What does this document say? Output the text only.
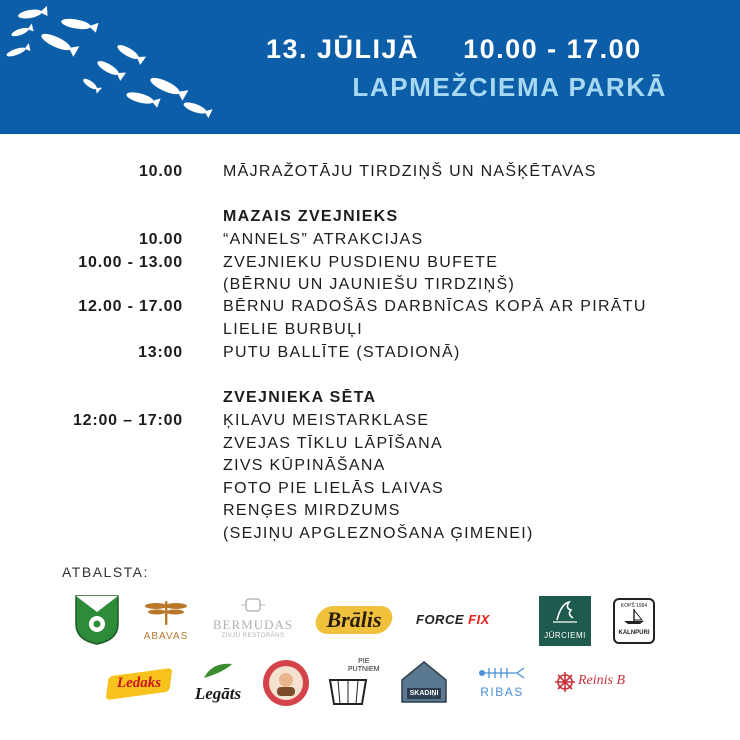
13. JŪLIJĀ 10.00 - 17.00
LAPMEŽCIEMA PARKĀ
10.00	MĀJRAŽOTĀJU TIRDZIŅŠ UN NAŠĶĒTAVAS
MAZAIS ZVEJNIEKS
10.00	“ANNELS” ATRAKCIJAS
10.00 - 13.00	ZVEJNIEKU PUSDIENU BUFETE
(BĒRNU UN JAUNIEŠU TIRDZIŅŠ)
12.00 - 17.00	BĒRNU RADOŠĀS DARBNĪCAS KOPĀ AR PIRĀTU
LIELIE BURBUĻI
13:00	PUTU BALLĪTE (STADIONĀ)
ZVEJNIEKA SĒTA
12:00 – 17:00	ĶILAVU MEISTARKLASE
ZVEJAS TĪKLU LĀPĪŠANA
ZIVS KŪPINĀŠANA
FOTO PIE LIELĀS LAIVAS
RENĢES MIRDZUMS
(SEJIŅU APGLEZNOŠANA ĢIMENEI)
ATBALSTA:
ABAVAS
BERMUDAS
ZIVJU RESTORĀNS
Brālis	FORCE FIX
JŪRCIEMI
KOPŠ 1994
KALNPURI
Ledaks
Legāts
PIE
PUTNIEM
SKADIŅI	RIBAS
Reinis B
